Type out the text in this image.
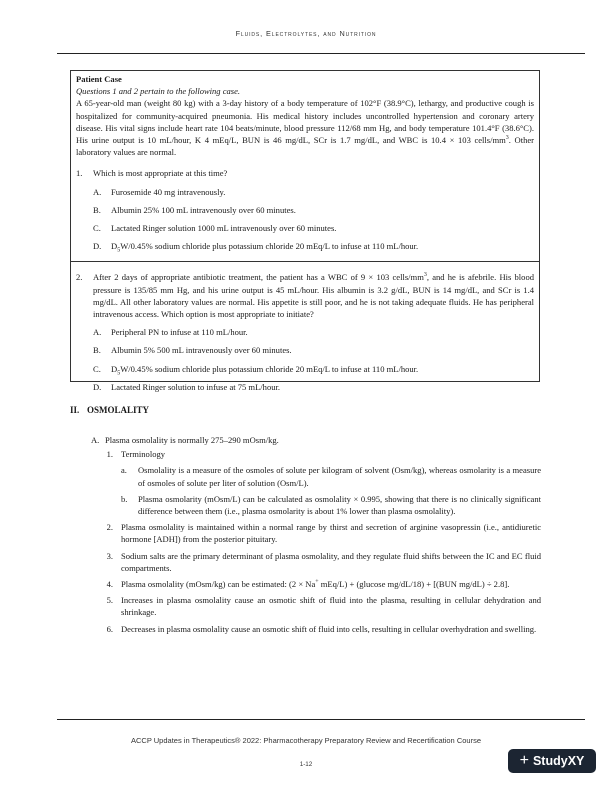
Fluids, Electrolytes, and Nutrition
Patient Case
Questions 1 and 2 pertain to the following case.
A 65-year-old man (weight 80 kg) with a 3-day history of a body temperature of 102°F (38.9°C), lethargy, and productive cough is hospitalized for community-acquired pneumonia. His medical history includes uncontrolled hypertension and coronary artery disease. His vital signs include heart rate 104 beats/minute, blood pressure 112/68 mm Hg, and body temperature 101.4°F (38.6°C). His urine output is 10 mL/hour, K 4 mEq/L, BUN is 46 mg/dL, SCr is 1.7 mg/dL, and WBC is 10.4 × 103 cells/$mm^3$. Other laboratory values are normal.
1.	Which is most appropriate at this time?
A.	Furosemide 40 mg intravenously.
B.	Albumin 25% 100 mL intravenously over 60 minutes.
C.	Lactated Ringer solution 1000 mL intravenously over 60 minutes.
D.	$D_5W/0.45\%$ sodium chloride plus potassium chloride 20 mEq/L to infuse at 110 mL/hour.
2.	After 2 days of appropriate antibiotic treatment, the patient has a WBC of 9 × 103 cells/$mm^3$, and he is afebrile. His blood pressure is 135/85 mm Hg, and his urine output is 45 mL/hour. His albumin is 3.2 g/dL, BUN is 14 mg/dL, and SCr is 1.4 mg/dL. All other laboratory values are normal. His appetite is still poor, and he is not taking adequate fluids. He has peripheral intravenous access. Which option is most appropriate to initiate?
A.	Peripheral PN to infuse at 110 mL/hour.
B.	Albumin 5% 500 mL intravenously over 60 minutes.
C.	$D_5W/0.45\%$ sodium chloride plus potassium chloride 20 mEq/L to infuse at 110 mL/hour.
D.	Lactated Ringer solution to infuse at 75 mL/hour.
II. OSMOLALITY
A. Plasma osmolality is normally 275–290 mOsm/kg.
1. Terminology
a.	Osmolality is a measure of the osmoles of solute per kilogram of solvent (Osm/kg), whereas osmolarity is a measure of osmoles of solute per liter of solution (Osm/L).
b.	Plasma osmolarity (mOsm/L) can be calculated as osmolality × 0.995, showing that there is no clinically significant difference between them (i.e., plasma osmolarity is about 1% lower than plasma osmolality).
2. Plasma osmolality is maintained within a normal range by thirst and secretion of arginine vasopressin (i.e., antidiuretic hormone [ADH]) from the posterior pituitary.
3. Sodium salts are the primary determinant of plasma osmolality, and they regulate fluid shifts between the IC and EC fluid compartments.
4. Plasma osmolality (mOsm/kg) can be estimated: (2 × Na+ mEq/L) + (glucose mg/dL/18) + [(BUN mg/dL) ÷ 2.8].
5. Increases in plasma osmolality cause an osmotic shift of fluid into the plasma, resulting in cellular dehydration and shrinkage.
6. Decreases in plasma osmolality cause an osmotic shift of fluid into cells, resulting in cellular overhydration and swelling.
ACCP Updates in Therapeutics® 2022: Pharmacotherapy Preparatory Review and Recertification Course
1-12	+ Study XY
